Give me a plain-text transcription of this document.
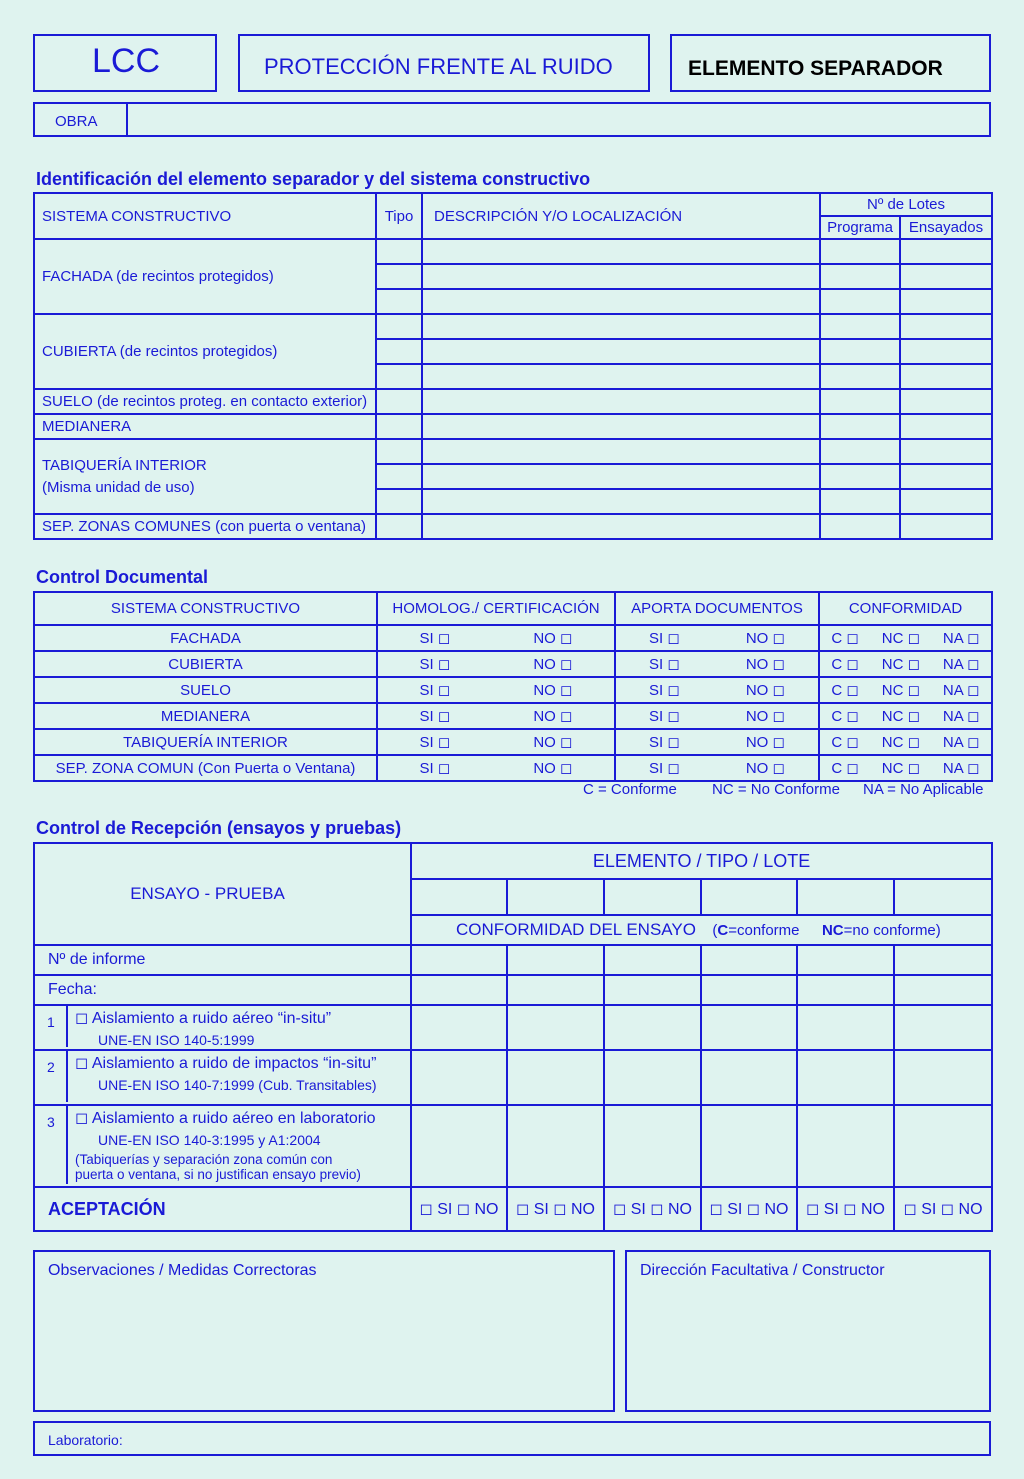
LCC	PROTECCIÓN FRENTE AL RUIDO	ELEMENTO SEPARADOR
OBRA
Identificación del elemento separador y del sistema constructivo
SISTEMA CONSTRUCTIVO	Tipo	DESCRIPCIÓN Y/O LOCALIZACIÓN	Nº de Lotes	
			Programa	Ensayados
FACHADA (de recintos protegidos)				

CUBIERTA (de recintos protegidos)				

SUELO (de recintos proteg. en contacto exterior)				
MEDIANERA				

TABIQUERÍA INTERIOR
(Misma unidad de uso)				

SEP. ZONAS COMUNES (con puerta o ventana)				
Control Documental
SISTEMA CONSTRUCTIVO	HOMOLOG./ CERTIFICACIÓN	APORTA DOCUMENTOS	CONFORMIDAD
FACHADA	SI ◻ NO ◻	SI ◻ NO ◻	C ◻ NC ◻ NA ◻

CUBIERTA	SI ◻ NO ◻	SI ◻ NO ◻	C ◻ NC ◻ NA ◻

SUELO	SI ◻ NO ◻	SI ◻ NO ◻	C ◻ NC ◻ NA ◻

MEDIANERA	SI ◻ NO ◻	SI ◻ NO ◻	C ◻ NC ◻ NA ◻

TABIQUERÍA INTERIOR	SI ◻ NO ◻	SI ◻ NO ◻	C ◻ NC ◻ NA ◻

SEP. ZONA COMUN (Con Puerta o Ventana)	SI ◻ NO ◻	SI ◻ NO ◻	C ◻ NC ◻ NA ◻
C = Conforme NC = No Conforme NA = No Aplicable
Control de Recepción (ensayos y pruebas)
ENSAYO - PRUEBA	ELEMENTO / TIPO / LOTE					

	CONFORMIDAD DEL ENSAYO (C=conforme NC=no conforme)					
Nº de informe						
Fecha:						

1 ◻ Aislamiento a ruido aéreo “in-situ”
UNE-EN ISO 140-5:1999						

2 ◻ Aislamiento a ruido de impactos “in-situ”
UNE-EN ISO 140-7:1999 (Cub. Transitables)						

3 ◻ Aislamiento a ruido aéreo en laboratorio
UNE-EN ISO 140-3:1995 y A1:2004
(Tabiquerías y separación zona común con
puerta o ventana, si no justifican ensayo previo)						

ACEPTACIÓN	◻ SI ◻ NO	◻ SI ◻ NO	◻ SI ◻ NO	◻ SI ◻ NO	◻ SI ◻ NO	◻ SI ◻ NO
Observaciones / Medidas Correctoras	Dirección Facultativa / Constructor
Laboratorio:
